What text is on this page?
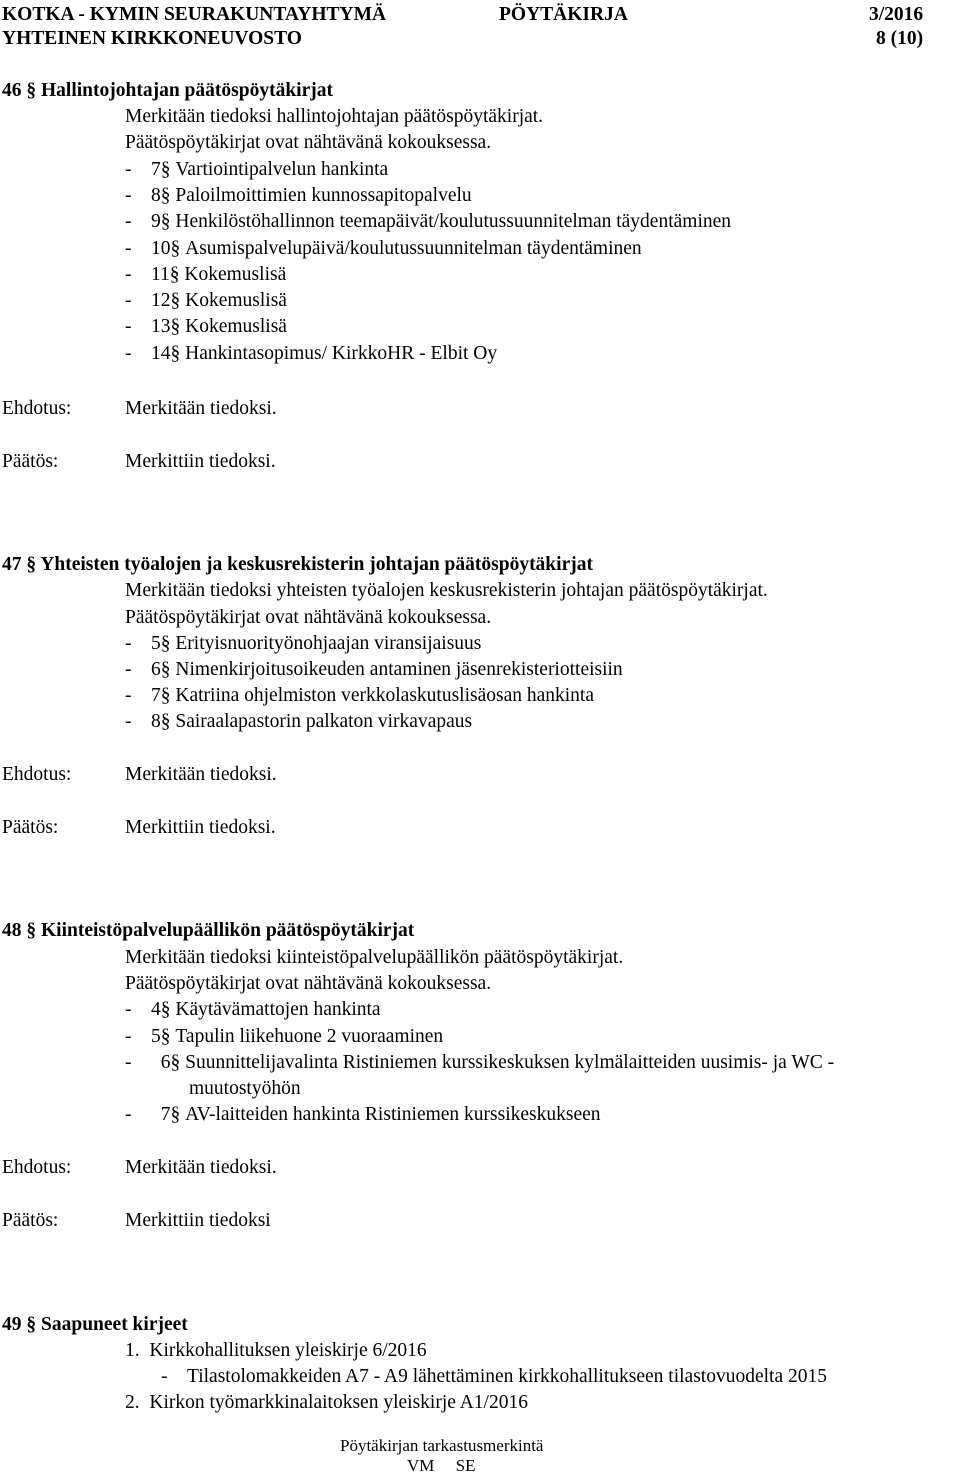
KOTKA - KYMIN SEURAKUNTAYHTYMÄ	PÖYTÄKIRJA	3/2016
YHTEINEN KIRKKONEUVOSTO	8 (10)
46 § Hallintojohtajan päätöspöytäkirjat
Merkitään tiedoksi hallintojohtajan päätöspöytäkirjat.
Päätöspöytäkirjat ovat nähtävänä kokouksessa.
- 7§ Vartiointipalvelun hankinta
- 8§ Paloilmoittimien kunnossapitopalvelu
- 9§ Henkilöstöhallinnon teemapäivät/koulutussuunnitelman täydentäminen
- 10§ Asumispalvelupäivä/koulutussuunnitelman täydentäminen
- 11§ Kokemuslisä
- 12§ Kokemuslisä
- 13§ Kokemuslisä
- 14§ Hankintasopimus/ KirkkoHR - Elbit Oy
Ehdotus:	Merkitään tiedoksi.
Päätös:	Merkittiin tiedoksi.
47 § Yhteisten työalojen ja keskusrekisterin johtajan päätöspöytäkirjat
Merkitään tiedoksi yhteisten työalojen keskusrekisterin johtajan päätöspöytäkirjat.
Päätöspöytäkirjat ovat nähtävänä kokouksessa.
- 5§ Erityisnuorityönohjaajan viransijaisuus
- 6§ Nimenkirjoitusoikeuden antaminen jäsenrekisteriotteisiin
- 7§ Katriina ohjelmiston verkkolaskutuslisäosan hankinta
- 8§ Sairaalapastorin palkaton virkavapaus
Ehdotus:	Merkitään tiedoksi.
Päätös:	Merkittiin tiedoksi.
48 § Kiinteistöpalvelupäällikön päätöspöytäkirjat
Merkitään tiedoksi kiinteistöpalvelupäällikön päätöspöytäkirjat.
Päätöspöytäkirjat ovat nähtävänä kokouksessa.
- 4§ Käytävämattojen hankinta
- 5§ Tapulin liikehuone 2 vuoraaminen
- 6§ Suunnittelijavalinta Ristiniemen kurssikeskuksen kylmälaitteiden uusimis- ja WC -
muutostyöhön
- 7§ AV-laitteiden hankinta Ristiniemen kurssikeskukseen
Ehdotus:	Merkitään tiedoksi.
Päätös:	Merkittiin tiedoksi
49 § Saapuneet kirjeet
1. Kirkkohallituksen yleiskirje 6/2016
- Tilastolomakkeiden A7 - A9 lähettäminen kirkkohallitukseen tilastovuodelta 2015
2. Kirkon työmarkkinalaitoksen yleiskirje A1/2016
Pöytäkirjan tarkastusmerkintä
VM SE
